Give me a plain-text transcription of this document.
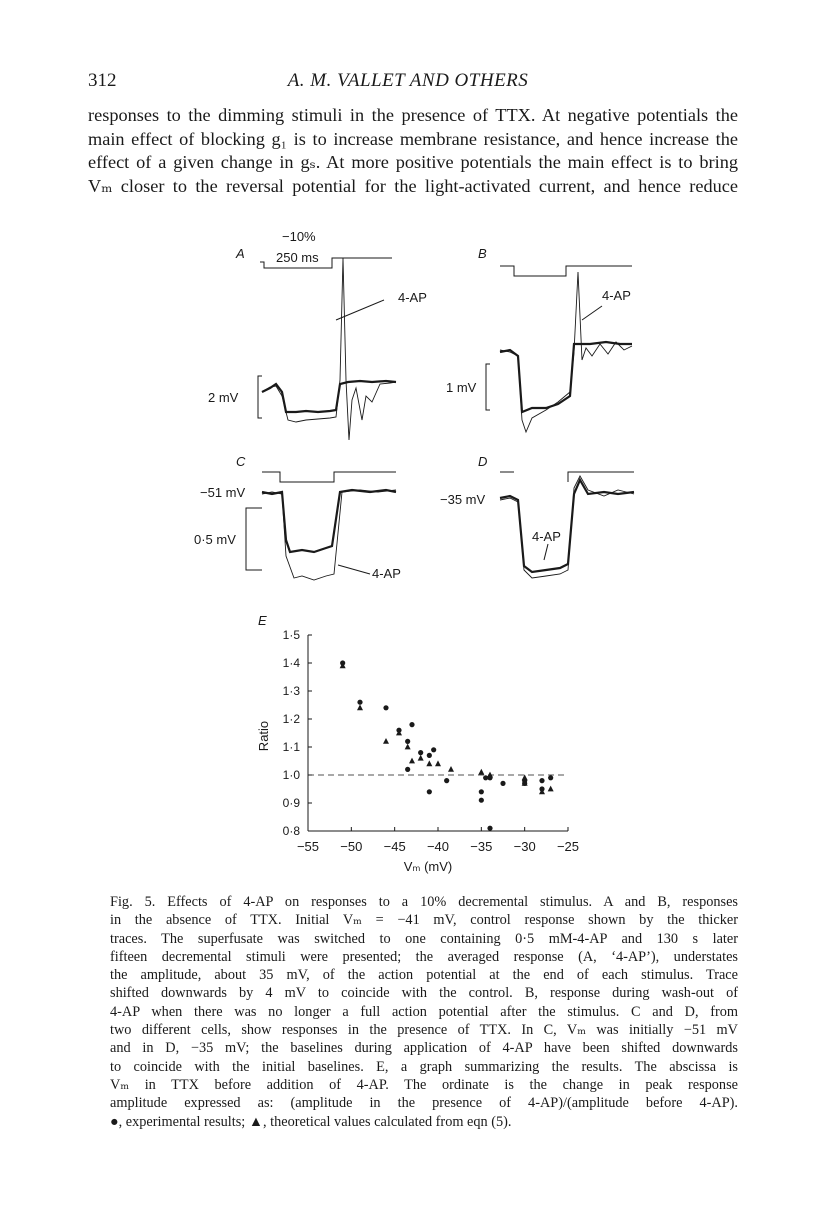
312	A. M. VALLET AND OTHERS

responses to the dimming stimuli in the presence of TTX. At negative potentials the
main effect of blocking g₁ is to increase membrane resistance, and hence increase the
effect of a given change in gₛ. At more positive potentials the main effect is to bring
Vₘ closer to the reversal potential for the light-activated current, and hence reduce

A
−10%
250 ms
4-AP
2 mV
B
4-AP
1 mV
C
−51 mV
0·5 mV
4-AP
D
−35 mV
4-AP
E
−55 −50 −45 −40 −35 −30 −25
0·8
0·9
1·0
1·1
1·2
1·3
1·4
1·5
Vₘ (mV)
Ratio

Fig. 5. Effects of 4-AP on responses to a 10% decremental stimulus. A and B, responses
in the absence of TTX. Initial Vₘ = −41 mV, control response shown by the thicker
traces. The superfusate was switched to one containing 0·5 mM-4-AP and 130 s later
fifteen decremental stimuli were presented; the averaged response (A, ‘4-AP’), understates
the amplitude, about 35 mV, of the action potential at the end of each stimulus. Trace
shifted downwards by 4 mV to coincide with the control. B, response during wash-out of
4-AP when there was no longer a full action potential after the stimulus. C and D, from
two different cells, show responses in the presence of TTX. In C, Vₘ was initially −51 mV
and in D, −35 mV; the baselines during application of 4-AP have been shifted downwards
to coincide with the initial baselines. E, a graph summarizing the results. The abscissa is
Vₘ in TTX before addition of 4-AP. The ordinate is the change in peak response
amplitude expressed as: (amplitude in the presence of 4-AP)/(amplitude before 4-AP).
●, experimental results; ▲, theoretical values calculated from eqn (5).
